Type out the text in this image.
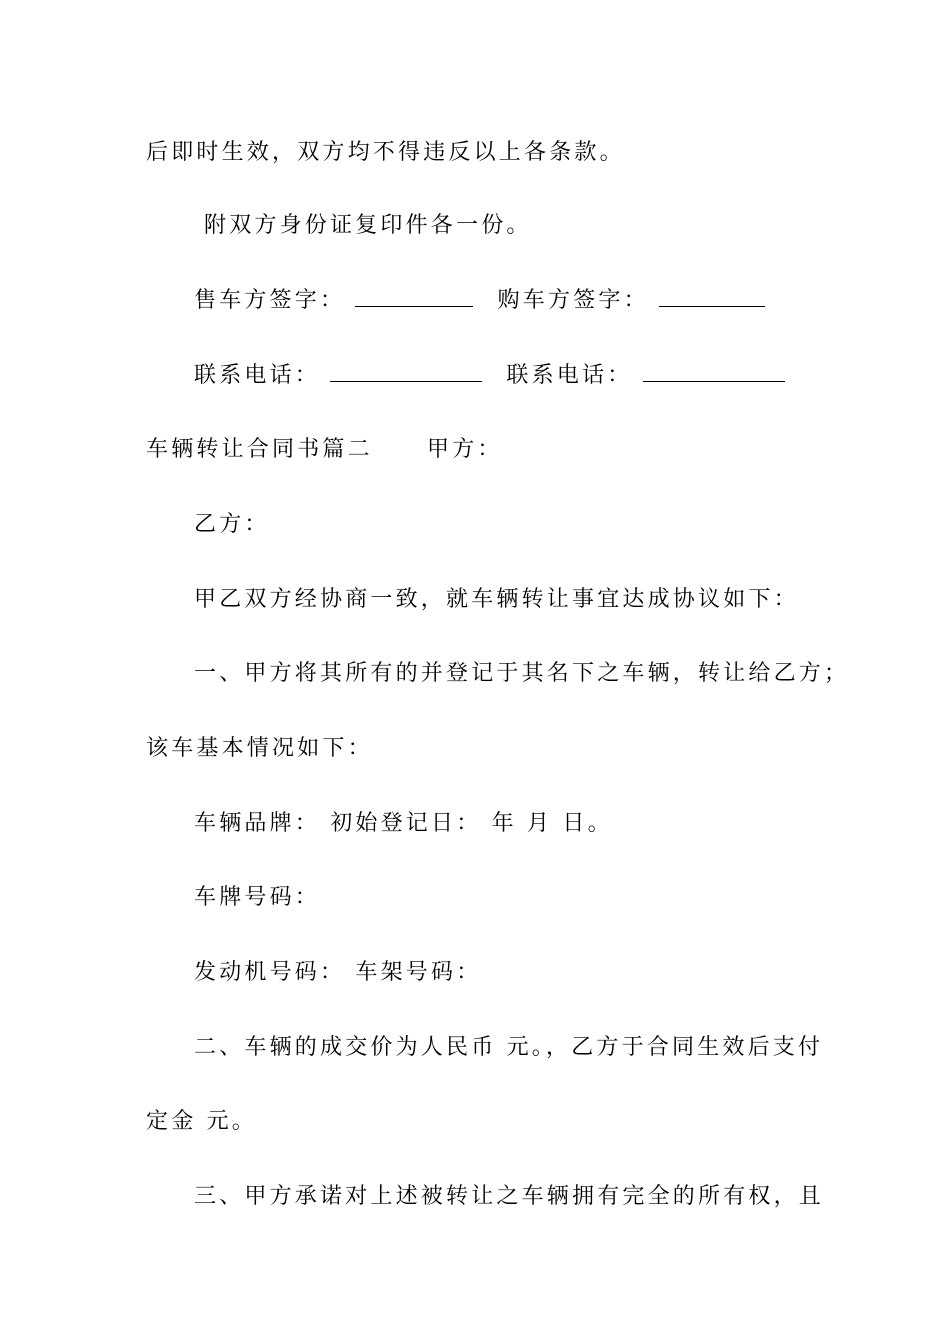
后即时生效，双方均不得违反以上各条款。
附双方身份证复印件各一份。
售车方签字：	购车方签字：
联系电话：	联系电话：
车辆转让合同书篇二 甲方：
乙方：
甲乙双方经协商一致，就车辆转让事宜达成协议如下：
一、甲方将其所有的并登记于其名下之车辆，转让给乙方；
该车基本情况如下：
车辆品牌： 初始登记日： 年 月 日。
车牌号码：
发动机号码： 车架号码：
二、车辆的成交价为人民币 元。，乙方于合同生效后支付
定金 元。
三、甲方承诺对上述被转让之车辆拥有完全的所有权，且
